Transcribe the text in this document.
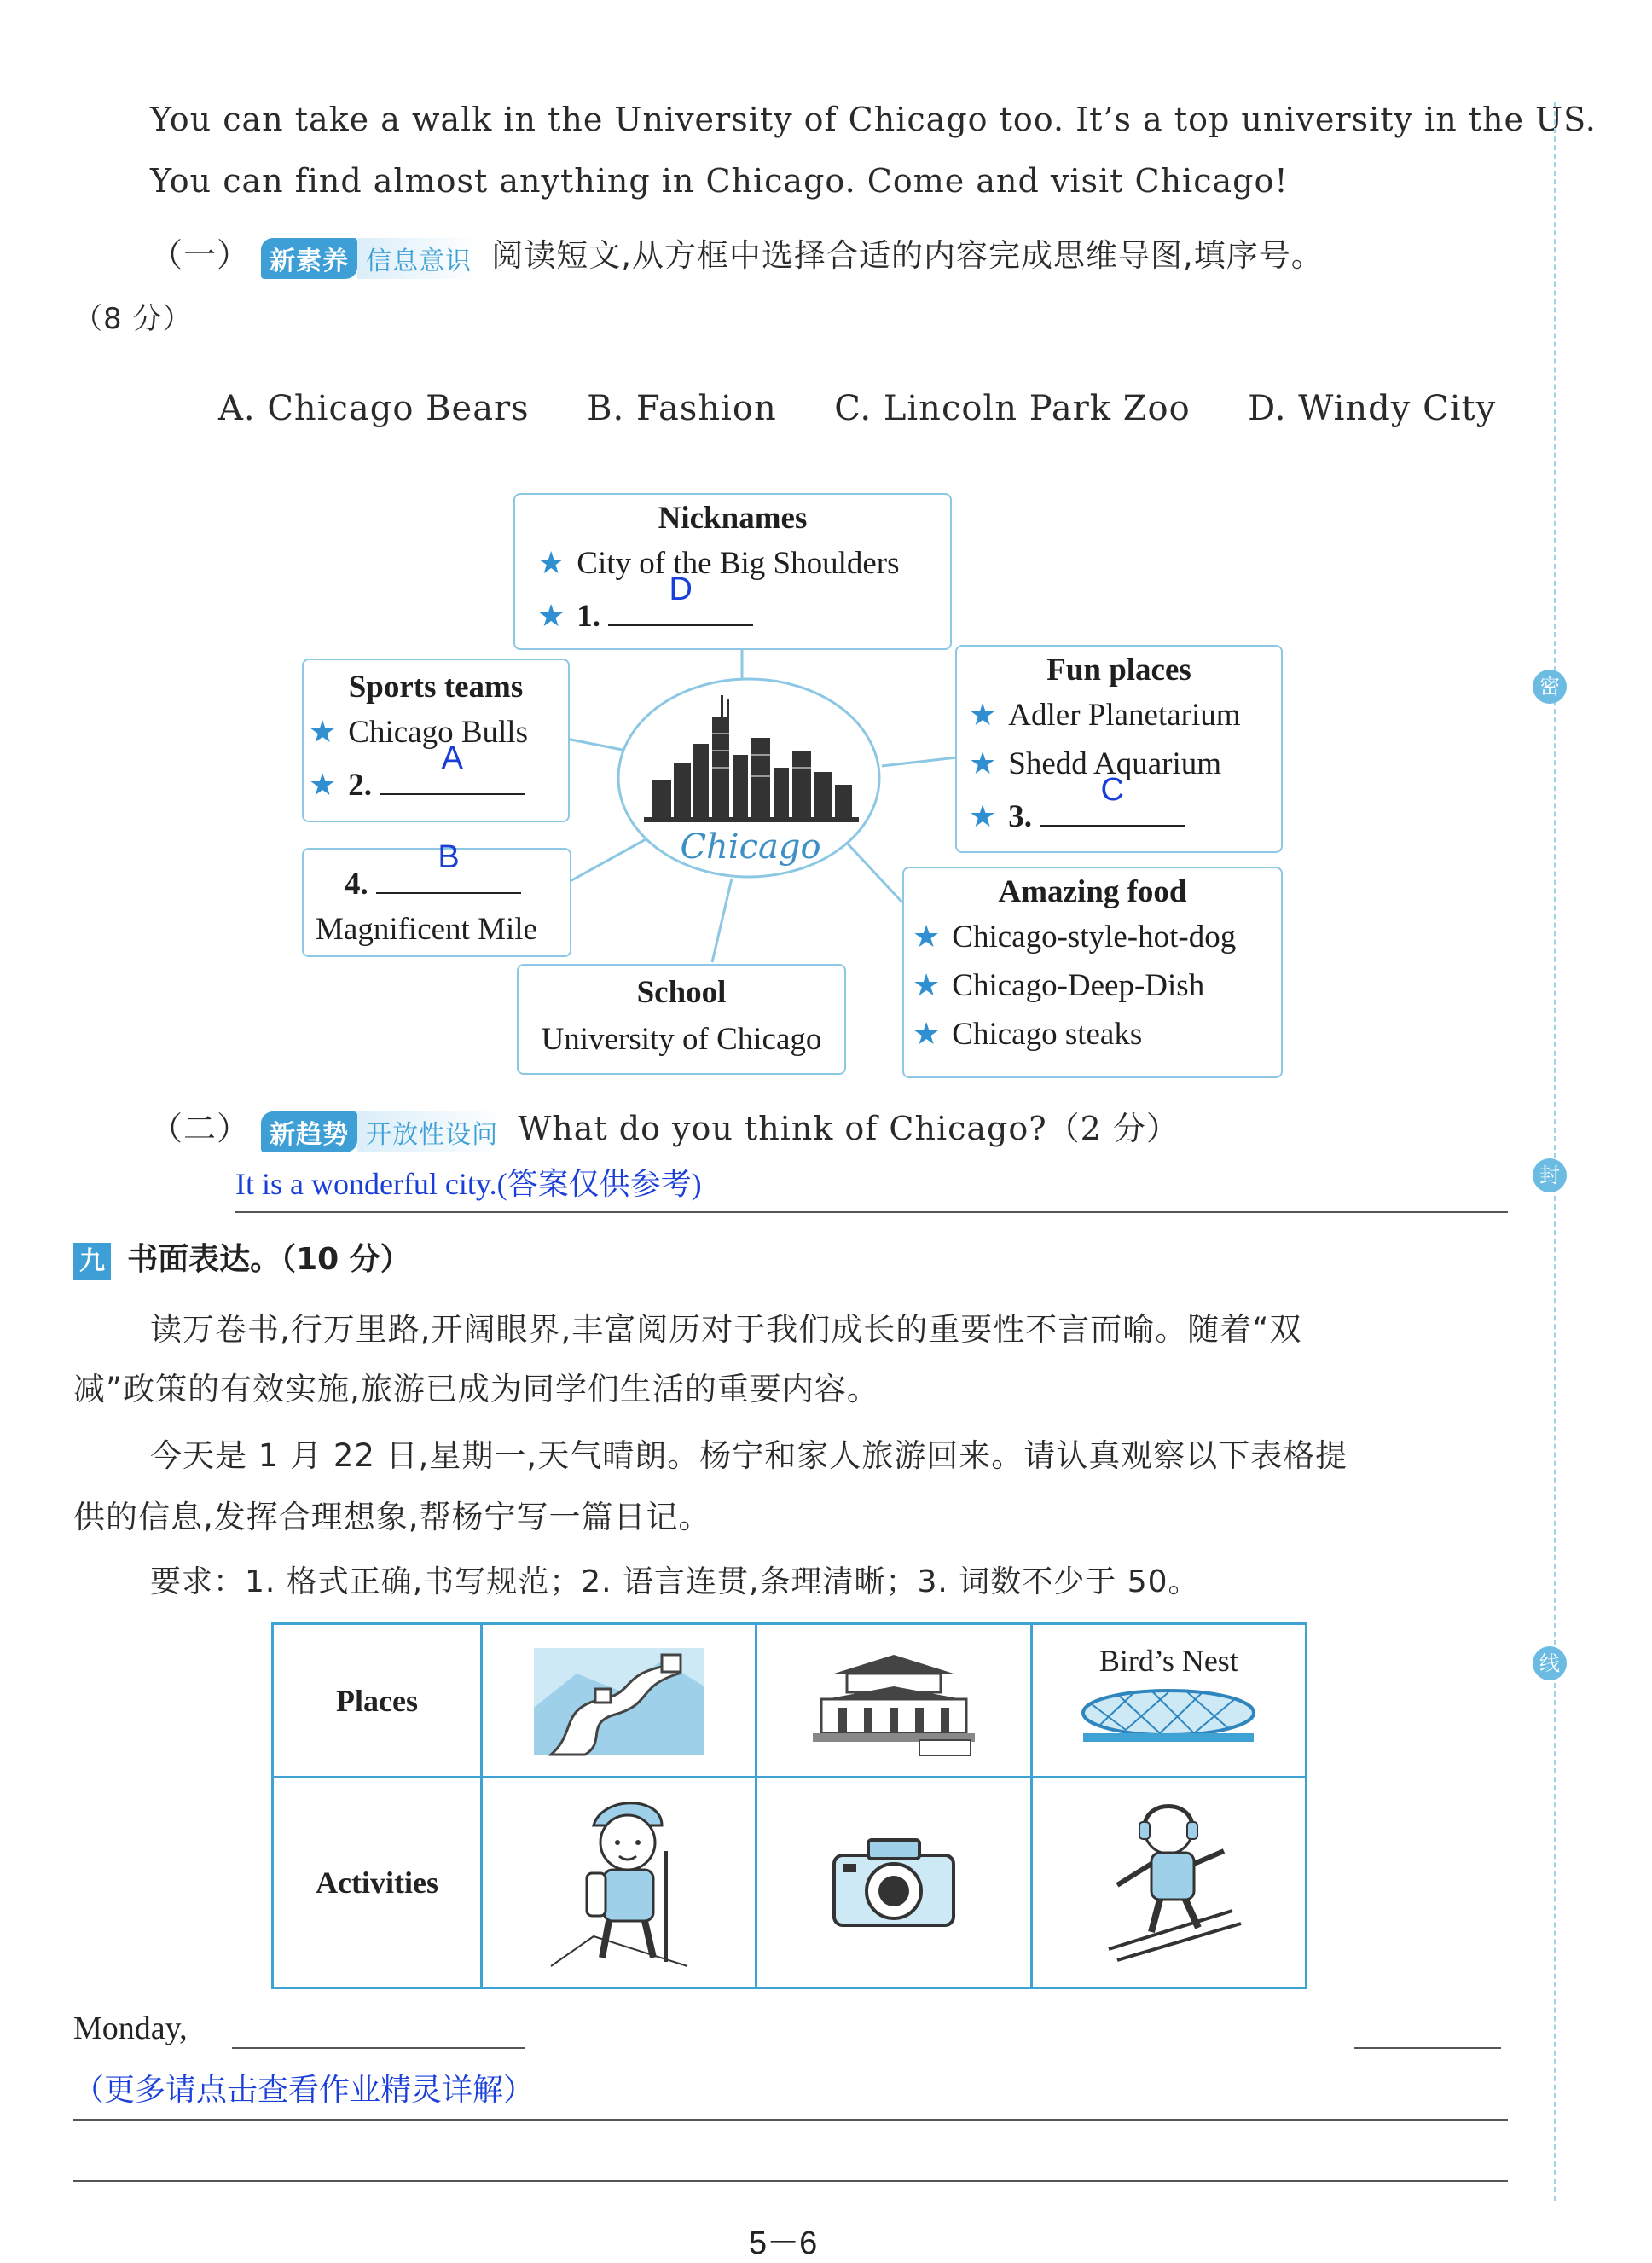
You can take a walk in the University of Chicago too. It’s a top university in the US.
You can find almost anything in Chicago. Come and visit Chicago!
（一） 新素养 信息意识 阅读短文,从方框中选择合适的内容完成思维导图,填序号。
（8 分）
A. Chicago Bears B. Fashion C. Lincoln Park Zoo D. Windy City
Chicago
Nicknames
★ City of the Big Shoulders
★ 1.
D
Sports teams
★ Chicago Bulls
★ 2.
A
Fun places
★ Adler Planetarium
★ Shedd Aquarium
★ 3.
C
4.
B
Magnificent Mile
School
University of Chicago
Amazing food
★ Chicago-style-hot-dog
★ Chicago-Deep-Dish
★ Chicago steaks
（二） 新趋势 开放性设问 What do you think of Chicago?（2 分）
It is a wonderful city.(答案仅供参考)
九 书面表达。（10 分）
读万卷书,行万里路,开阔眼界,丰富阅历对于我们成长的重要性不言而喻。随着“双
减”政策的有效实施,旅游已成为同学们生活的重要内容。
今天是 1 月 22 日,星期一,天气晴朗。杨宁和家人旅游回来。请认真观察以下表格提
供的信息,发挥合理想象,帮杨宁写一篇日记。
要求：1. 格式正确,书写规范；2. 语言连贯,条理清晰；3. 词数不少于 50。
Places			Bird’s Nest

Activities			
Monday,
（更多请点击查看作业精灵详解）
5－6
密
封
线
